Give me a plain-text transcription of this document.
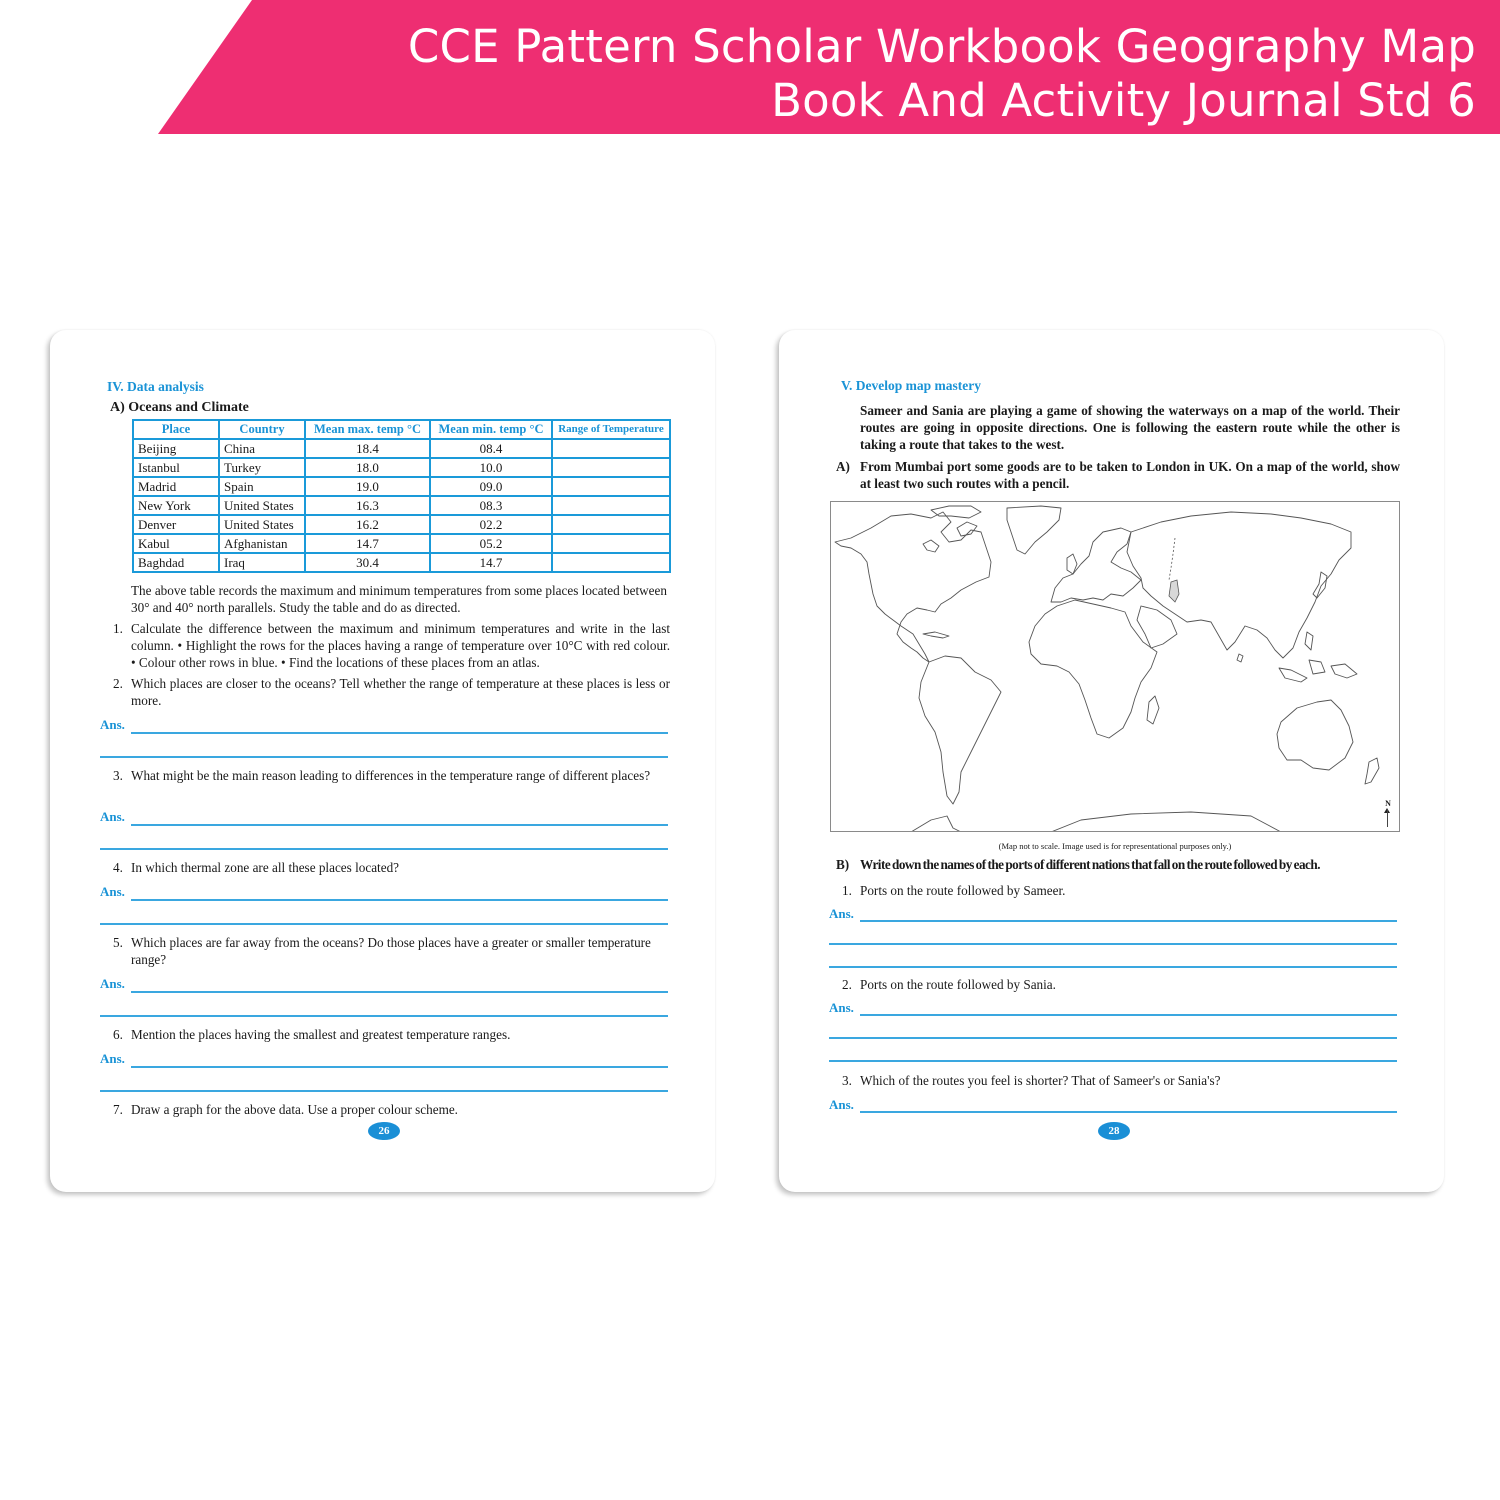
CCE Pattern Scholar Workbook Geography Map
Book And Activity Journal Std 6
IV. Data analysis
A) Oceans and Climate
Place	Country	Mean max. temp °C	Mean min. temp °C	Range of Temperature
Beijing	China	18.4	08.4	
Istanbul	Turkey	18.0	10.0	
Madrid	Spain	19.0	09.0	
New York	United States	16.3	08.3	
Denver	United States	16.2	02.2	
Kabul	Afghanistan	14.7	05.2	
Baghdad	Iraq	30.4	14.7	
The above table records the maximum and minimum temperatures from some places located between 30° and 40° north parallels. Study the table and do as directed.
1. Calculate the difference between the maximum and minimum temperatures and write in the last column. • Highlight the rows for the places having a range of temperature over 10°C with red colour. • Colour other rows in blue. • Find the locations of these places from an atlas.
2. Which places are closer to the oceans? Tell whether the range of temperature at these places is less or more.
Ans.
3. What might be the main reason leading to differences in the temperature range of different places?
Ans.
4. In which thermal zone are all these places located?
Ans.
5. Which places are far away from the oceans? Do those places have a greater or smaller temperature range?
Ans.
6. Mention the places having the smallest and greatest temperature ranges.
Ans.
7. Draw a graph for the above data. Use a proper colour scheme.
26
V. Develop map mastery
Sameer and Sania are playing a game of showing the waterways on a map of the world. Their routes are going in opposite directions. One is following the eastern route while the other is taking a route that takes to the west.
A) From Mumbai port some goods are to be taken to London in UK. On a map of the world, show at least two such routes with a pencil.
N
(Map not to scale. Image used is for representational purposes only.)
B) Write down the names of the ports of different nations that fall on the route followed by each.
1. Ports on the route followed by Sameer.
Ans.
2. Ports on the route followed by Sania.
Ans.
3. Which of the routes you feel is shorter? That of Sameer's or Sania's?
Ans.
28
